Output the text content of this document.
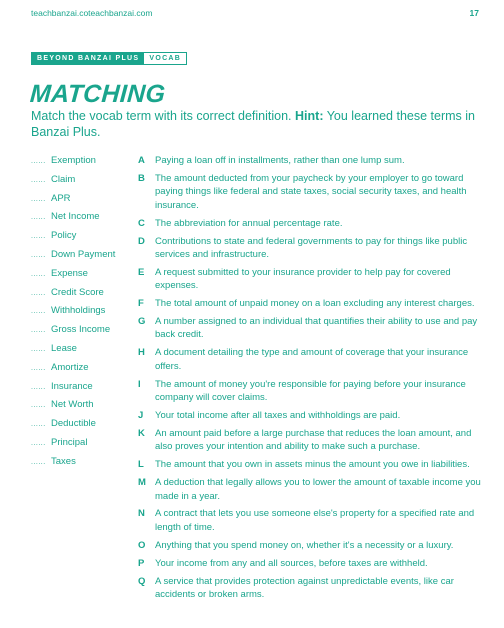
teachbanzai.coteachbanzai.com	17
BEYOND BANZAI PLUS	VOCAB
MATCHING

Match the vocab term with its correct definition. Hint: You learned these terms in Banzai Plus.

...... Exemption
...... Claim
...... APR
...... Net Income
...... Policy
...... Down Payment
...... Expense
...... Credit Score
...... Withholdings
...... Gross Income
...... Lease
...... Amortize
...... Insurance
...... Net Worth
...... Deductible
...... Principal
...... Taxes
A	Paying a loan off in installments, rather than one lump sum.
B	The amount deducted from your paycheck by your employer to go toward paying things like federal and state taxes, social security taxes, and health insurance.
C	The abbreviation for annual percentage rate.
D	Contributions to state and federal governments to pay for things like public services and infrastructure.
E	A request submitted to your insurance provider to help pay for covered expenses.
F	The total amount of unpaid money on a loan excluding any interest charges.
G	A number assigned to an individual that quantifies their ability to use and pay back credit.
H	A document detailing the type and amount of coverage that your insurance offers.
I	The amount of money you're responsible for paying before your insurance company will cover claims.
J	Your total income after all taxes and withholdings are paid.
K	An amount paid before a large purchase that reduces the loan amount, and also proves your intention and ability to make such a purchase.
L	The amount that you own in assets minus the amount you owe in liabilities.
M A deduction that legally allows you to lower the amount of taxable income you made in a year.
N	A contract that lets you use someone else's property for a specified rate and length of time.
O	Anything that you spend money on, whether it's a necessity or a luxury.
P	Your income from any and all sources, before taxes are withheld.
Q	A service that provides protection against unpredictable events, like car accidents or broken arms.
